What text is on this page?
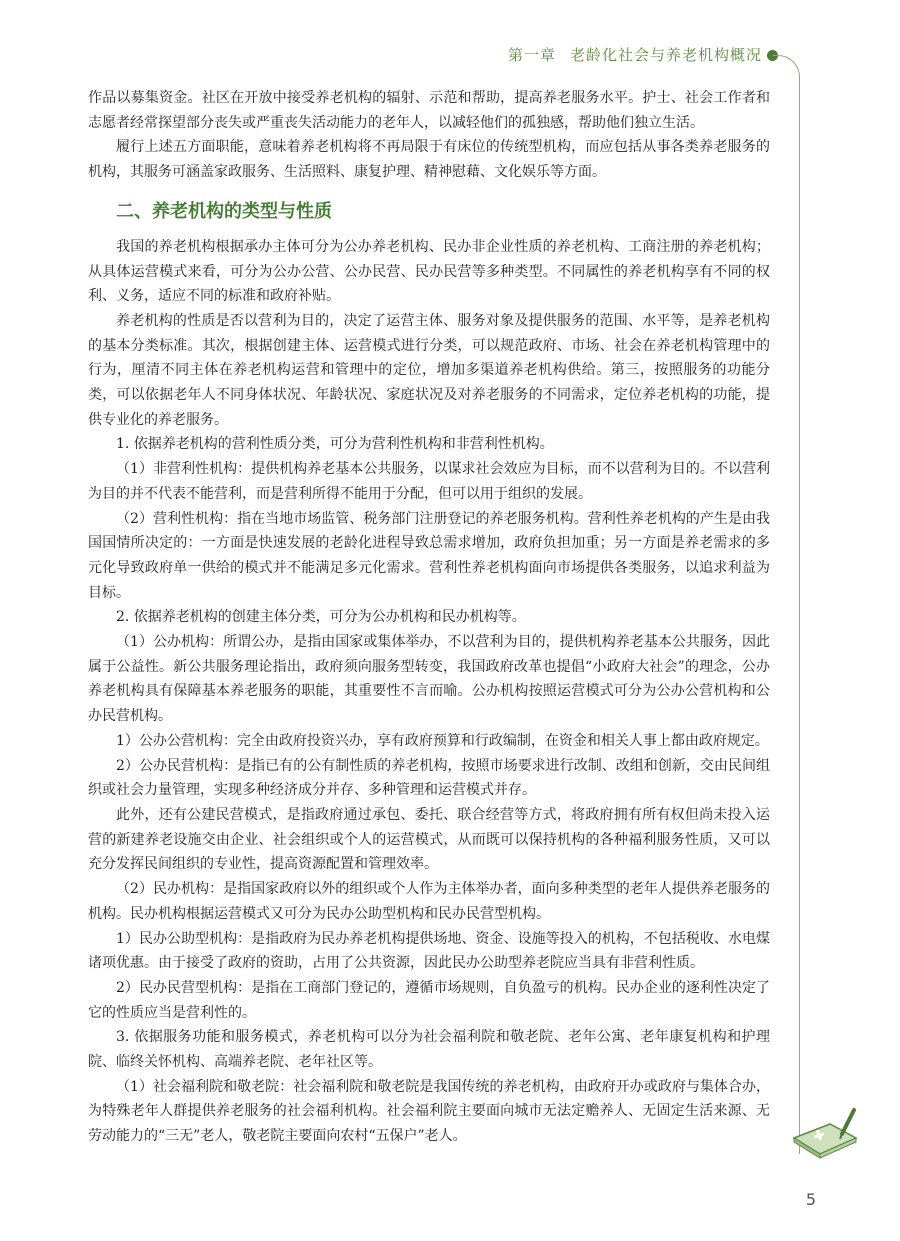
第一章 老龄化社会与养老机构概况

作品以募集资金。社区在开放中接受养老机构的辐射、示范和帮助，提高养老服务水平。护士、社会工作者和志愿者经常探望部分丧失或严重丧失活动能力的老年人，以减轻他们的孤独感，帮助他们独立生活。

履行上述五方面职能，意味着养老机构将不再局限于有床位的传统型机构，而应包括从事各类养老服务的机构，其服务可涵盖家政服务、生活照料、康复护理、精神慰藉、文化娱乐等方面。

二、养老机构的类型与性质

我国的养老机构根据承办主体可分为公办养老机构、民办非企业性质的养老机构、工商注册的养老机构；从具体运营模式来看，可分为公办公营、公办民营、民办民营等多种类型。不同属性的养老机构享有不同的权利、义务，适应不同的标准和政府补贴。

养老机构的性质是否以营利为目的，决定了运营主体、服务对象及提供服务的范围、水平等，是养老机构的基本分类标准。其次，根据创建主体、运营模式进行分类，可以规范政府、市场、社会在养老机构管理中的行为，厘清不同主体在养老机构运营和管理中的定位，增加多渠道养老机构供给。第三，按照服务的功能分类，可以依据老年人不同身体状况、年龄状况、家庭状况及对养老服务的不同需求，定位养老机构的功能，提供专业化的养老服务。

1. 依据养老机构的营利性质分类，可分为营利性机构和非营利性机构。

（1）非营利性机构：提供机构养老基本公共服务，以谋求社会效应为目标，而不以营利为目的。不以营利为目的并不代表不能营利，而是营利所得不能用于分配，但可以用于组织的发展。

（2）营利性机构：指在当地市场监管、税务部门注册登记的养老服务机构。营利性养老机构的产生是由我国国情所决定的：一方面是快速发展的老龄化进程导致总需求增加，政府负担加重；另一方面是养老需求的多元化导致政府单一供给的模式并不能满足多元化需求。营利性养老机构面向市场提供各类服务，以追求利益为目标。

2. 依据养老机构的创建主体分类，可分为公办机构和民办机构等。

（1）公办机构：所谓公办，是指由国家或集体举办，不以营利为目的，提供机构养老基本公共服务，因此属于公益性。新公共服务理论指出，政府须向服务型转变，我国政府改革也提倡“小政府大社会”的理念，公办养老机构具有保障基本养老服务的职能，其重要性不言而喻。公办机构按照运营模式可分为公办公营机构和公办民营机构。

1）公办公营机构：完全由政府投资兴办，享有政府预算和行政编制，在资金和相关人事上都由政府规定。

2）公办民营机构：是指已有的公有制性质的养老机构，按照市场要求进行改制、改组和创新，交由民间组织或社会力量管理，实现多种经济成分并存、多种管理和运营模式并存。

此外，还有公建民营模式，是指政府通过承包、委托、联合经营等方式，将政府拥有所有权但尚未投入运营的新建养老设施交由企业、社会组织或个人的运营模式，从而既可以保持机构的各种福利服务性质，又可以充分发挥民间组织的专业性，提高资源配置和管理效率。

（2）民办机构：是指国家政府以外的组织或个人作为主体举办者，面向多种类型的老年人提供养老服务的机构。民办机构根据运营模式又可分为民办公助型机构和民办民营型机构。

1）民办公助型机构：是指政府为民办养老机构提供场地、资金、设施等投入的机构，不包括税收、水电煤诸项优惠。由于接受了政府的资助，占用了公共资源，因此民办公助型养老院应当具有非营利性质。

2）民办民营型机构：是指在工商部门登记的，遵循市场规则，自负盈亏的机构。民办企业的逐利性决定了它的性质应当是营利性的。

3. 依据服务功能和服务模式，养老机构可以分为社会福利院和敬老院、老年公寓、老年康复机构和护理院、临终关怀机构、高端养老院、老年社区等。

（1）社会福利院和敬老院：社会福利院和敬老院是我国传统的养老机构，由政府开办或政府与集体合办，为特殊老年人群提供养老服务的社会福利机构。社会福利院主要面向城市无法定赡养人、无固定生活来源、无劳动能力的“三无”老人，敬老院主要面向农村“五保户”老人。

5
